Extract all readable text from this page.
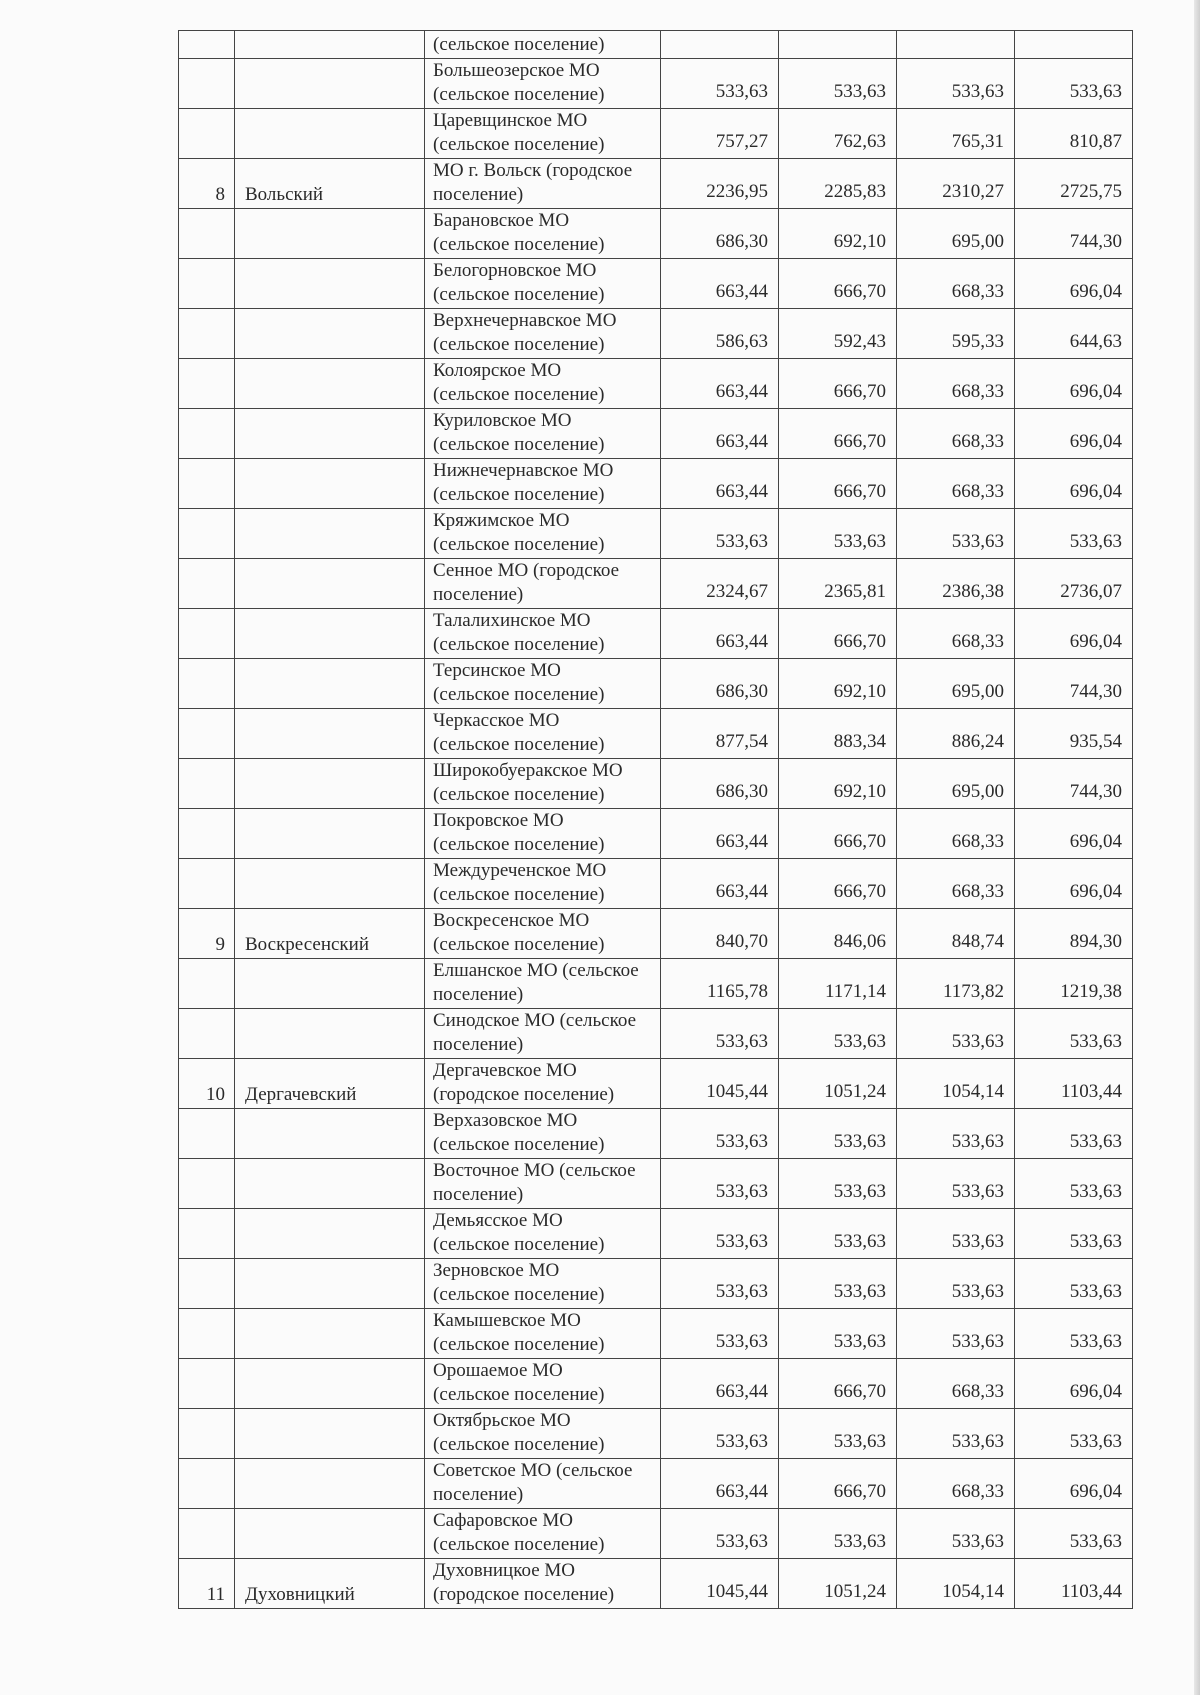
		(сельское поселение)				

		Большеозерское МО
(сельское поселение)	533,63	533,63	533,63	533,63

		Царевщинское МО
(сельское поселение)	757,27	762,63	765,31	810,87
8	Вольский	МО г. Вольск (городское
поселение)	2236,95	2285,83	2310,27	2725,75

		Барановское МО
(сельское поселение)	686,30	692,10	695,00	744,30

		Белогорновское МО
(сельское поселение)	663,44	666,70	668,33	696,04

		Верхнечернавское МО
(сельское поселение)	586,63	592,43	595,33	644,63

		Колоярское МО
(сельское поселение)	663,44	666,70	668,33	696,04

		Куриловское МО
(сельское поселение)	663,44	666,70	668,33	696,04

		Нижнечернавское МО
(сельское поселение)	663,44	666,70	668,33	696,04

		Кряжимское МО
(сельское поселение)	533,63	533,63	533,63	533,63

		Сенное МО (городское
поселение)	2324,67	2365,81	2386,38	2736,07

		Талалихинское МО
(сельское поселение)	663,44	666,70	668,33	696,04

		Терсинское МО
(сельское поселение)	686,30	692,10	695,00	744,30

		Черкасское МО
(сельское поселение)	877,54	883,34	886,24	935,54

		Широкобуеракское МО
(сельское поселение)	686,30	692,10	695,00	744,30

		Покровское МО
(сельское поселение)	663,44	666,70	668,33	696,04

		Междуреченское МО
(сельское поселение)	663,44	666,70	668,33	696,04
9	Воскресенский	Воскресенское МО
(сельское поселение)	840,70	846,06	848,74	894,30

		Елшанское МО (сельское
поселение)	1165,78	1171,14	1173,82	1219,38

		Синодское МО (сельское
поселение)	533,63	533,63	533,63	533,63
10	Дергачевский	Дергачевское МО
(городское поселение)	1045,44	1051,24	1054,14	1103,44

		Верхазовское МО
(сельское поселение)	533,63	533,63	533,63	533,63

		Восточное МО (сельское
поселение)	533,63	533,63	533,63	533,63

		Демьясское МО
(сельское поселение)	533,63	533,63	533,63	533,63

		Зерновское МО
(сельское поселение)	533,63	533,63	533,63	533,63

		Камышевское МО
(сельское поселение)	533,63	533,63	533,63	533,63

		Орошаемое МО
(сельское поселение)	663,44	666,70	668,33	696,04

		Октябрьское МО
(сельское поселение)	533,63	533,63	533,63	533,63

		Советское МО (сельское
поселение)	663,44	666,70	668,33	696,04

		Сафаровское МО
(сельское поселение)	533,63	533,63	533,63	533,63
11	Духовницкий	Духовницкое МО
(городское поселение)	1045,44	1051,24	1054,14	1103,44
